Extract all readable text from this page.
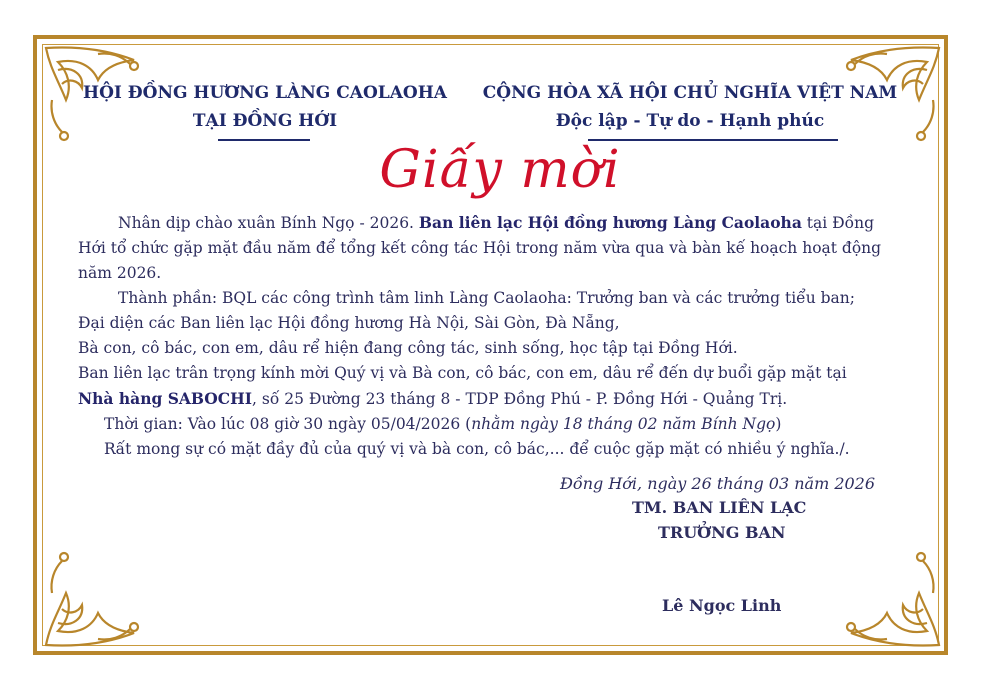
HỘI ĐỒNG HƯƠNG LÀNG CAOLAOHA
TẠI ĐỒNG HỚI
CỘNG HÒA XÃ HỘI CHỦ NGHĨA VIỆT NAM
Độc lập - Tự do - Hạnh phúc
Giấy mời

Nhân dịp chào xuân Bính Ngọ - 2026. Ban liên lạc Hội đồng hương Làng Caolaoha tại Đồng Hới tổ chức gặp mặt đầu năm để tổng kết công tác Hội trong năm vừa qua và bàn kế hoạch hoạt động năm 2026.

Thành phần: BQL các công trình tâm linh Làng Caolaoha: Trưởng ban và các trưởng tiểu ban;

Đại diện các Ban liên lạc Hội đồng hương Hà Nội, Sài Gòn, Đà Nẵng,

Bà con, cô bác, con em, dâu rể hiện đang công tác, sinh sống, học tập tại Đồng Hới.

Ban liên lạc trân trọng kính mời Quý vị và Bà con, cô bác, con em, dâu rể đến dự buổi gặp mặt tại

Nhà hàng SABOCHI, số 25 Đường 23 tháng 8 - TDP Đồng Phú - P. Đồng Hới - Quảng Trị.

Thời gian: Vào lúc 08 giờ 30 ngày 05/04/2026 (nhằm ngày 18 tháng 02 năm Bính Ngọ)

Rất mong sự có mặt đầy đủ của quý vị và bà con, cô bác,... để cuộc gặp mặt có nhiều ý nghĩa./.

Đồng Hới, ngày 26 tháng 03 năm 2026
TM. BAN LIÊN LẠC
TRƯỞNG BAN
Lê Ngọc Linh
